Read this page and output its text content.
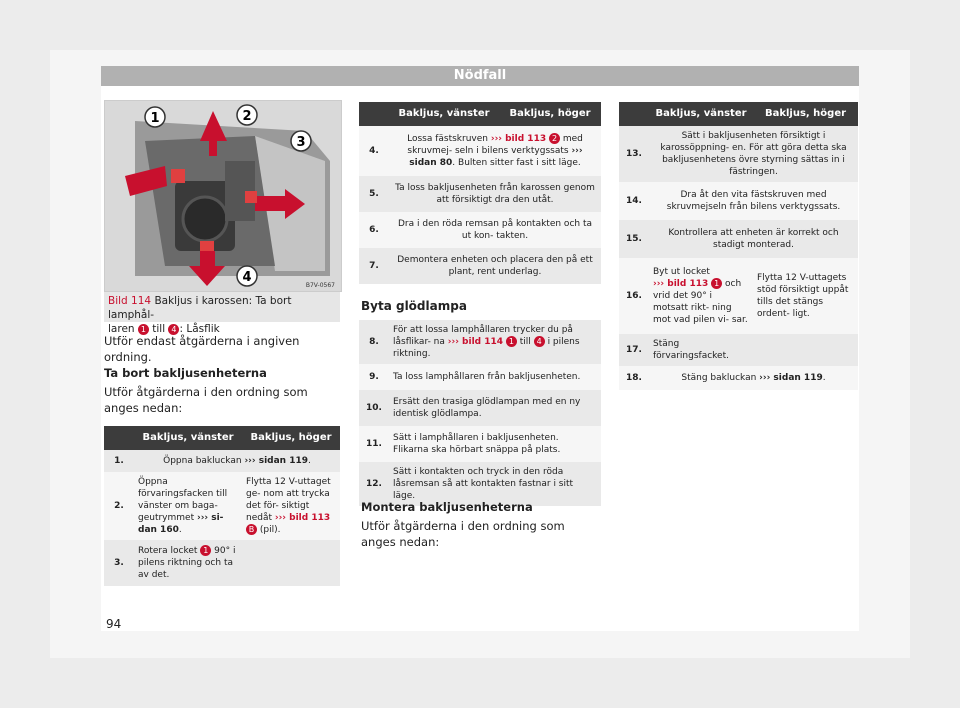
Nödfall
1	2
3
4
B7V-0567
Bild 114 Bakljus i karossen: Ta bort lamphål-
laren 1 till 4 : Låsflik
Utför endast åtgärderna i angiven ordning.
Ta bort bakljusenheterna
Utför åtgärderna i den ordning som anges nedan:
	Bakljus, vänster	Bakljus, höger
1.	Öppna bakluckan ››› sidan 119.	
2.	Öppna förvaringsfacken till vänster om baga- geutrymmet ››› si- dan 160.	Flytta 12 V-uttaget ge- nom att trycka det för- siktigt nedåt ››› bild 113
B (pil).
3.	Rotera locket 1 90° i pilens riktning och ta av det.	
	Bakljus, vänster	Bakljus, höger
4.	Lossa fästskruven ››› bild 113 2 med skruvmej- seln i bilens verktygssats ››› sidan 80. Bulten sitter fast i sitt läge.	
5.	Ta loss bakljusenheten från karossen genom att försiktigt dra den utåt.	
6.	Dra i den röda remsan på kontakten och ta ut kon- takten.	
7.	Demontera enheten och placera den på ett plant, rent underlag.	
Byta glödlampa
8.	För att lossa lamphållaren trycker du på låsflikar- na ››› bild 114 1 till 4 i pilens riktning.
9.	Ta loss lamphållaren från bakljusenheten.
10.	Ersätt den trasiga glödlampan med en ny identisk glödlampa.
11.	Sätt i lamphållaren i bakljusenheten. Flikarna ska hörbart snäppa på plats.
12.	Sätt i kontakten och tryck in den röda låsremsan så att kontakten fastnar i sitt läge.
Montera bakljusenheterna
Utför åtgärderna i den ordning som anges nedan:
	Bakljus, vänster	Bakljus, höger
13.	Sätt i bakljusenheten försiktigt i karossöppning- en. För att göra detta ska bakljusenhetens övre styrning sättas in i fästringen.	
14.	Dra åt den vita fästskruven med skruvmejseln från bilens verktygssats.	
15.	Kontrollera att enheten är korrekt och stadigt monterad.	
16.	Byt ut locket
››› bild 113 1 och vrid det 90° i motsatt rikt- ning mot vad pilen vi- sar.	Flytta 12 V-uttagets stöd försiktigt uppåt tills det stängs ordent- ligt.
17.	Stäng förvaringsfacket.	
18.	Stäng bakluckan ››› sidan 119.	
94
